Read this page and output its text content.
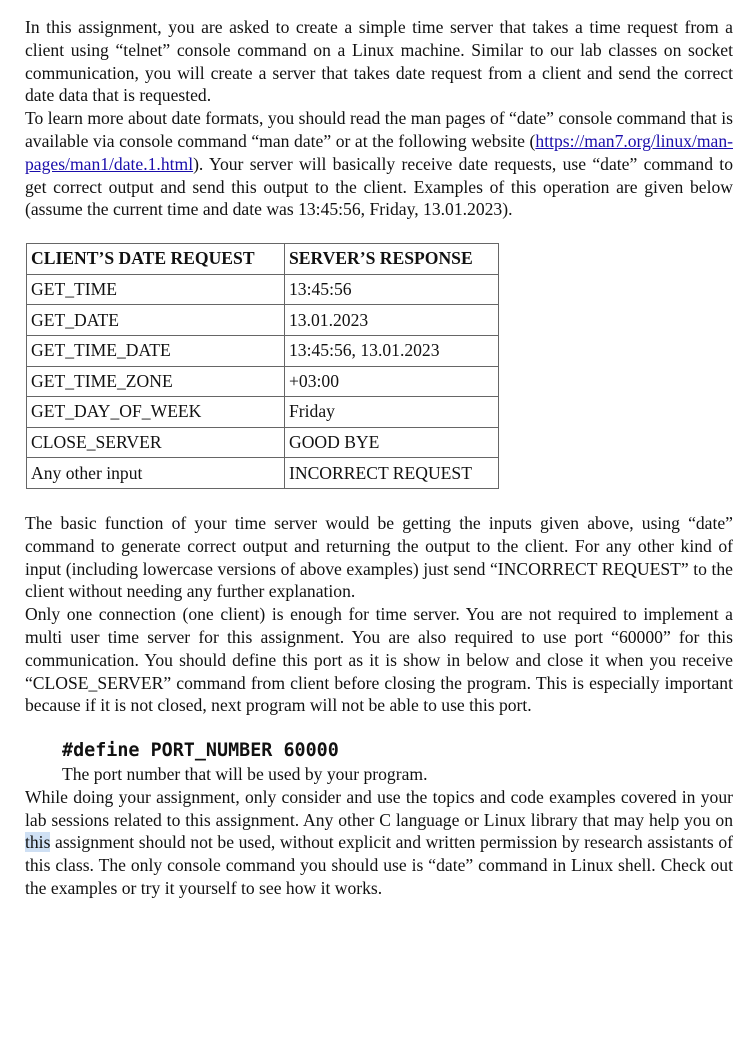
In this assignment, you are asked to create a simple time server that takes a time request from a client using “telnet” console command on a Linux machine. Similar to our lab classes on socket communication, you will create a server that takes date request from a client and send the correct date data that is requested.

To learn more about date formats, you should read the man pages of “date” console command that is available via console command “man date” or at the following website (https://man7.org/linux/man-pages/man1/date.1.html). Your server will basically receive date requests, use “date” command to get correct output and send this output to the client. Examples of this operation are given below (assume the current time and date was 13:45:56, Friday, 13.01.2023).

CLIENT’S DATE REQUEST	SERVER’S RESPONSE
GET_TIME	13:45:56
GET_DATE	13.01.2023
GET_TIME_DATE	13:45:56, 13.01.2023
GET_TIME_ZONE	+03:00
GET_DAY_OF_WEEK	Friday
CLOSE_SERVER	GOOD BYE
Any other input	INCORRECT REQUEST

The basic function of your time server would be getting the inputs given above, using “date” command to generate correct output and returning the output to the client. For any other kind of input (including lowercase versions of above examples) just send “INCORRECT REQUEST” to the client without needing any further explanation.

Only one connection (one client) is enough for time server. You are not required to implement a multi user time server for this assignment. You are also required to use port “60000” for this communication. You should define this port as it is show in below and close it when you receive “CLOSE_SERVER” command from client before closing the program. This is especially important because if it is not closed, next program will not be able to use this port.

#define PORT_NUMBER 60000
The port number that will be used by your program.

While doing your assignment, only consider and use the topics and code examples covered in your lab sessions related to this assignment. Any other C language or Linux library that may help you on this assignment should not be used, without explicit and written permission by research assistants of this class. The only console command you should use is “date” command in Linux shell. Check out the examples or try it yourself to see how it works.
